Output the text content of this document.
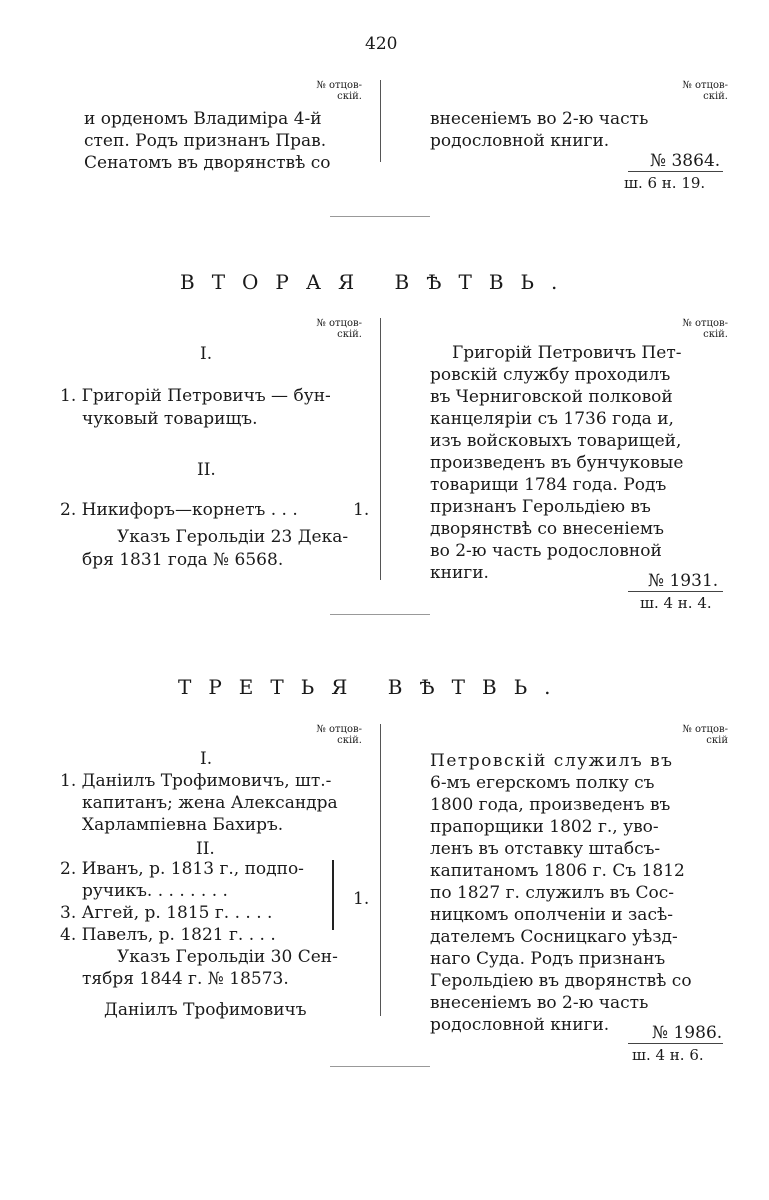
420
№ отцов-
скій.
№ отцов-
скій.
и орденомъ Владиміра 4-й
степ. Родъ признанъ Прав.
Сенатомъ въ дворянствѣ со
внесеніемъ во 2-ю часть
родословной книги.
№ 3864.
ш. 6 н. 19.
ВТОРАЯ ВѢТВЬ.
№ отцов-
скій.
№ отцов-
скій.
I.
1. Григорій Петровичъ — бун-
чуковый товарищъ.
II.
2. Никифоръ—корнетъ . . .	1.
Указъ Герольдіи 23 Дека-
бря 1831 года № 6568.
Григорій Петровичъ Пет-
ровскій службу проходилъ
въ Черниговской полковой
канцеляріи съ 1736 года и,
изъ войсковыхъ товарищей,
произведенъ въ бунчуковые
товарищи 1784 года. Родъ
признанъ Герольдіею въ
дворянствѣ со внесеніемъ
во 2-ю часть родословной
книги.	№ 1931.
ш. 4 н. 4.
ТРЕТЬЯ ВѢТВЬ.
№ отцов-
скій.
№ отцов-
скій
I.
1. Даніилъ Трофимовичъ, шт.-
капитанъ; жена Александра
Харлампіевна Бахиръ.
II.
2. Иванъ, р. 1813 г., подпо-
ручикъ. . . . . . . .
3. Аггей, р. 1815 г. . . . .
4. Павелъ, р. 1821 г. . . .
1.
Указъ Герольдіи 30 Сен-
тября 1844 г. № 18573.
Даніилъ Трофимовичъ
Петровскій служилъ въ
6-мъ егерскомъ полку съ
1800 года, произведенъ въ
прапорщики 1802 г., уво-
ленъ въ отставку штабсъ-
капитаномъ 1806 г. Съ 1812
по 1827 г. служилъ въ Сос-
ницкомъ ополченіи и засѣ-
дателемъ Сосницкаго уѣзд-
наго Суда. Родъ признанъ
Герольдіею въ дворянствѣ со
внесеніемъ во 2-ю часть
родословной книги.	№ 1986.
ш. 4 н. 6.
